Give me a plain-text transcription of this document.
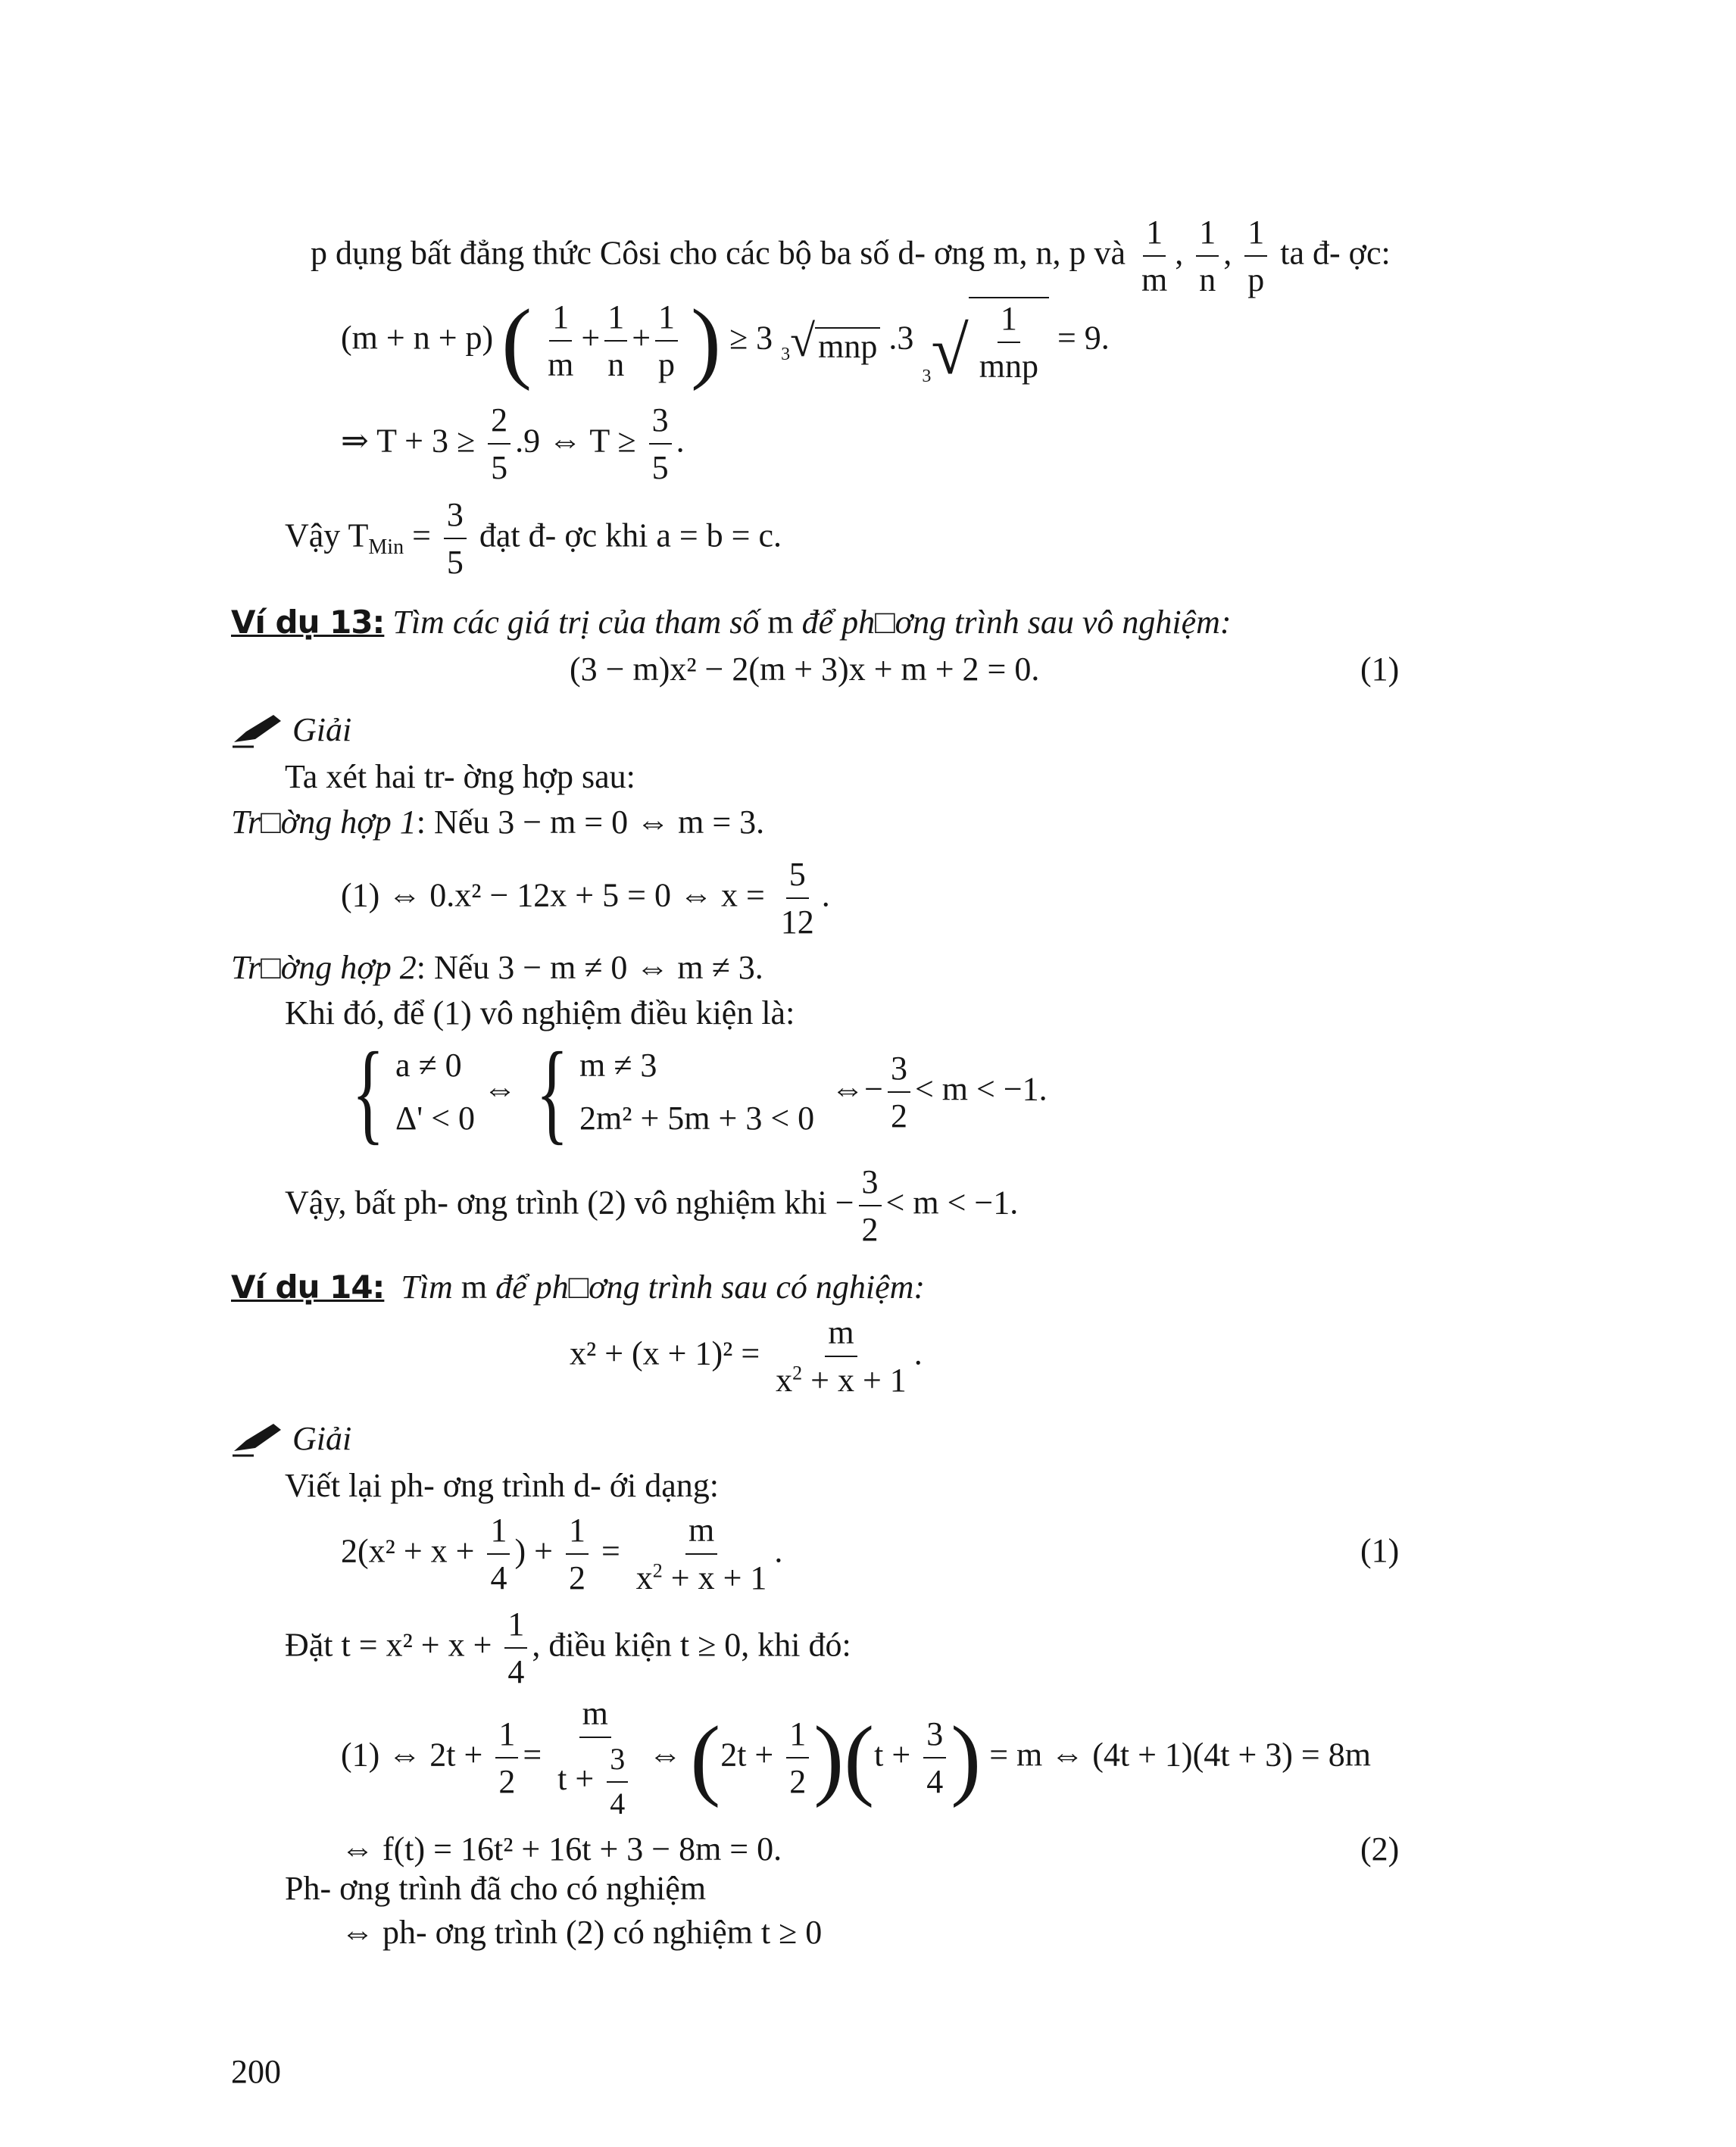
p dụng bất đẳng thức Côsi cho các bộ ba số d- ơng m, n, p và $\frac{1}{m}$ , $\frac{1}{n}$ , $\frac{1}{p}$ ta đ- ợc:
(m + n + p) ( $\frac{1}{m} + \frac{1}{n} + \frac{1}{p}$ ) ≥ 3 3 √ mnp .3
3 √ $\frac{1}{\text{mnp}} = 9$.
⇒ $T + 3 \ge \frac{2}{5} .9$ ⇔ $T \ge \frac{3}{5}$ .
Vậy $T_{Min} = \frac{3}{5}$ đạt đ- ợc khi a = b = c.
Ví dụ 13: Tìm các giá trị của tham số m để ph□ơng trình sau vô nghiệm:
(3 − m)x² − 2(m + 3)x + m + 2 = 0.	(1)
Giải
Ta xét hai tr- ờng hợp sau:
Tr□ờng hợp 1: Nếu 3 − m = 0 ⇔ m = 3.
(1) ⇔ 0.x² − 12x + 5 = 0 ⇔ $x = \frac{5}{12}$ .
Tr□ờng hợp 2: Nếu 3 − m ≠ 0 ⇔ m ≠ 3.
Khi đó, để (1) vô nghiệm điều kiện là:
{ a ≠ 0
Δ' < 0
⇔ { m ≠ 3
2m² + 5m + 3 < 0
⇔− $\frac{3}{2} < m < -1$.
Vậy, bất ph- ơng trình (2) vô nghiệm khi − $\frac{3}{2} < m < -1$.
Ví dụ 14: Tìm m để ph□ơng trình sau có nghiệm:
$x^2 + (x + 1)^2 = \frac{m}{x^2 + x + 1}$ .
Giải
Viết lại ph- ơng trình d- ới dạng:
$2(x^2 + x + \frac{1}{4}$ ) + $\frac{1}{2} = \frac{m}{x^2 + x + 1}$ .	(1)
Đặt $t = x^2 + x + \frac{1}{4}$ , điều kiện t ≥ 0, khi đó:
(1) ⇔ $2t + \frac{1}{2} = \frac{m}{t + \frac{3}{4}}$ ⇔ $(2t + \frac{1}{2} )(t + \frac{3}{4}$ ) = m ⇔ (4t + 1)(4t + 3) = 8m
⇔ f(t) = 16t² + 16t + 3 − 8m = 0.	(2)
Ph- ơng trình đã cho có nghiệm
⇔ ph- ơng trình (2) có nghiệm t ≥ 0
200
